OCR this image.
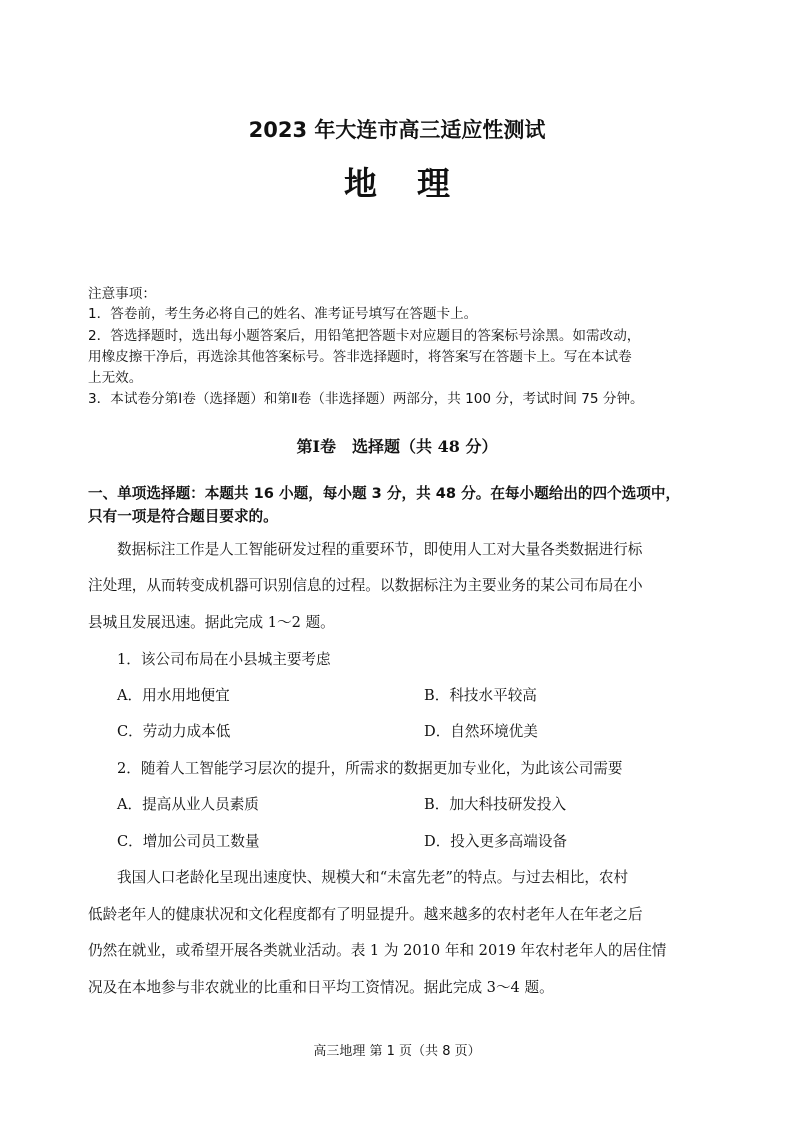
2023 年大连市高三适应性测试
地理
注意事项：
1．答卷前，考生务必将自己的姓名、准考证号填写在答题卡上。
2．答选择题时，选出每小题答案后，用铅笔把答题卡对应题目的答案标号涂黑。如需改动，
用橡皮擦干净后，再选涂其他答案标号。答非选择题时，将答案写在答题卡上。写在本试卷
上无效。
3．本试卷分第Ⅰ卷（选择题）和第Ⅱ卷（非选择题）两部分，共 100 分，考试时间 75 分钟。
第Ⅰ卷　选择题（共 48 分）
一、单项选择题：本题共 16 小题，每小题 3 分，共 48 分。在每小题给出的四个选项中，
只有一项是符合题目要求的。
数据标注工作是人工智能研发过程的重要环节，即使用人工对大量各类数据进行标
注处理，从而转变成机器可识别信息的过程。以数据标注为主要业务的某公司布局在小
县城且发展迅速。据此完成 1～2 题。
1．该公司布局在小县城主要考虑
A．用水用地便宜	B．科技水平较高
C．劳动力成本低	D．自然环境优美
2．随着人工智能学习层次的提升，所需求的数据更加专业化，为此该公司需要
A．提高从业人员素质	B．加大科技研发投入
C．增加公司员工数量	D．投入更多高端设备
我国人口老龄化呈现出速度快、规模大和“未富先老”的特点。与过去相比，农村
低龄老年人的健康状况和文化程度都有了明显提升。越来越多的农村老年人在年老之后
仍然在就业，或希望开展各类就业活动。表 1 为 2010 年和 2019 年农村老年人的居住情
况及在本地参与非农就业的比重和日平均工资情况。据此完成 3～4 题。
高三地理 第 1 页（共 8 页）
